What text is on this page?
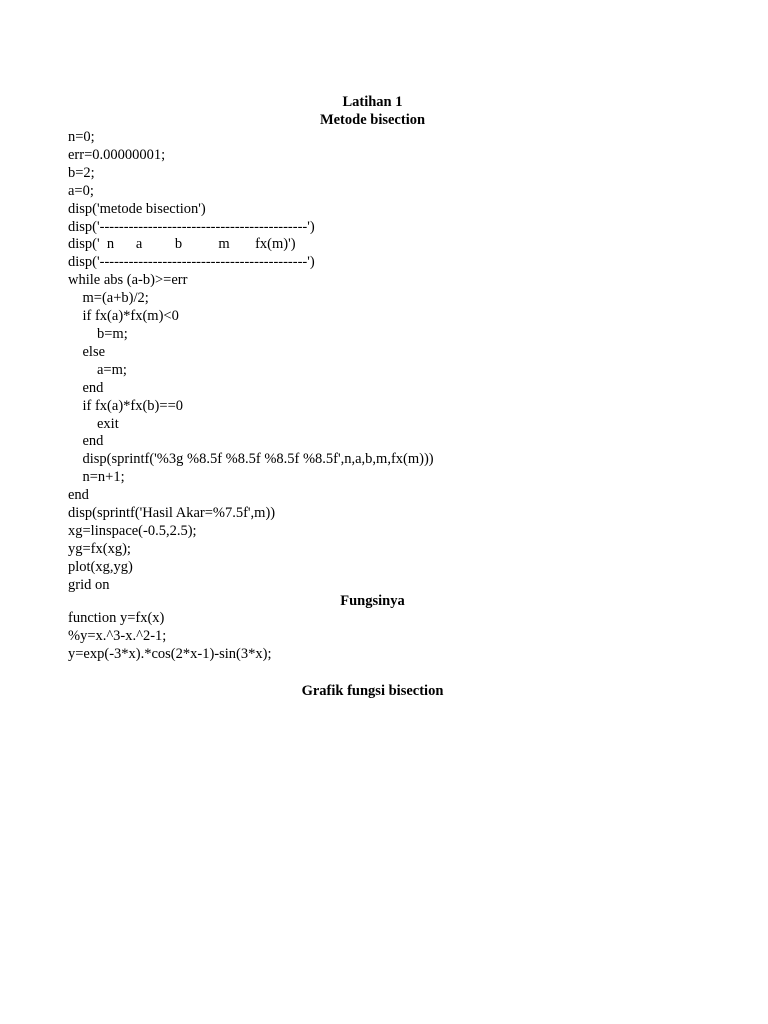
Latihan 1
Metode bisection
n=0;
err=0.00000001;
b=2;
a=0;
disp('metode bisection')
disp('-------------------------------------------')
disp('  n      a         b          m       fx(m)')
disp('-------------------------------------------')
while abs (a-b)>=err
m=(a+b)/2;
if fx(a)*fx(m)<0
b=m;
else
a=m;
end
if fx(a)*fx(b)==0
exit
end
disp(sprintf('%3g %8.5f %8.5f %8.5f %8.5f',n,a,b,m,fx(m)))
n=n+1;
end
disp(sprintf('Hasil Akar=%7.5f',m))
xg=linspace(-0.5,2.5);
yg=fx(xg);
plot(xg,yg)
grid on
Fungsinya
function y=fx(x)
%y=x.^3-x.^2-1;
y=exp(-3*x).*cos(2*x-1)-sin(3*x);
Grafik fungsi bisection
